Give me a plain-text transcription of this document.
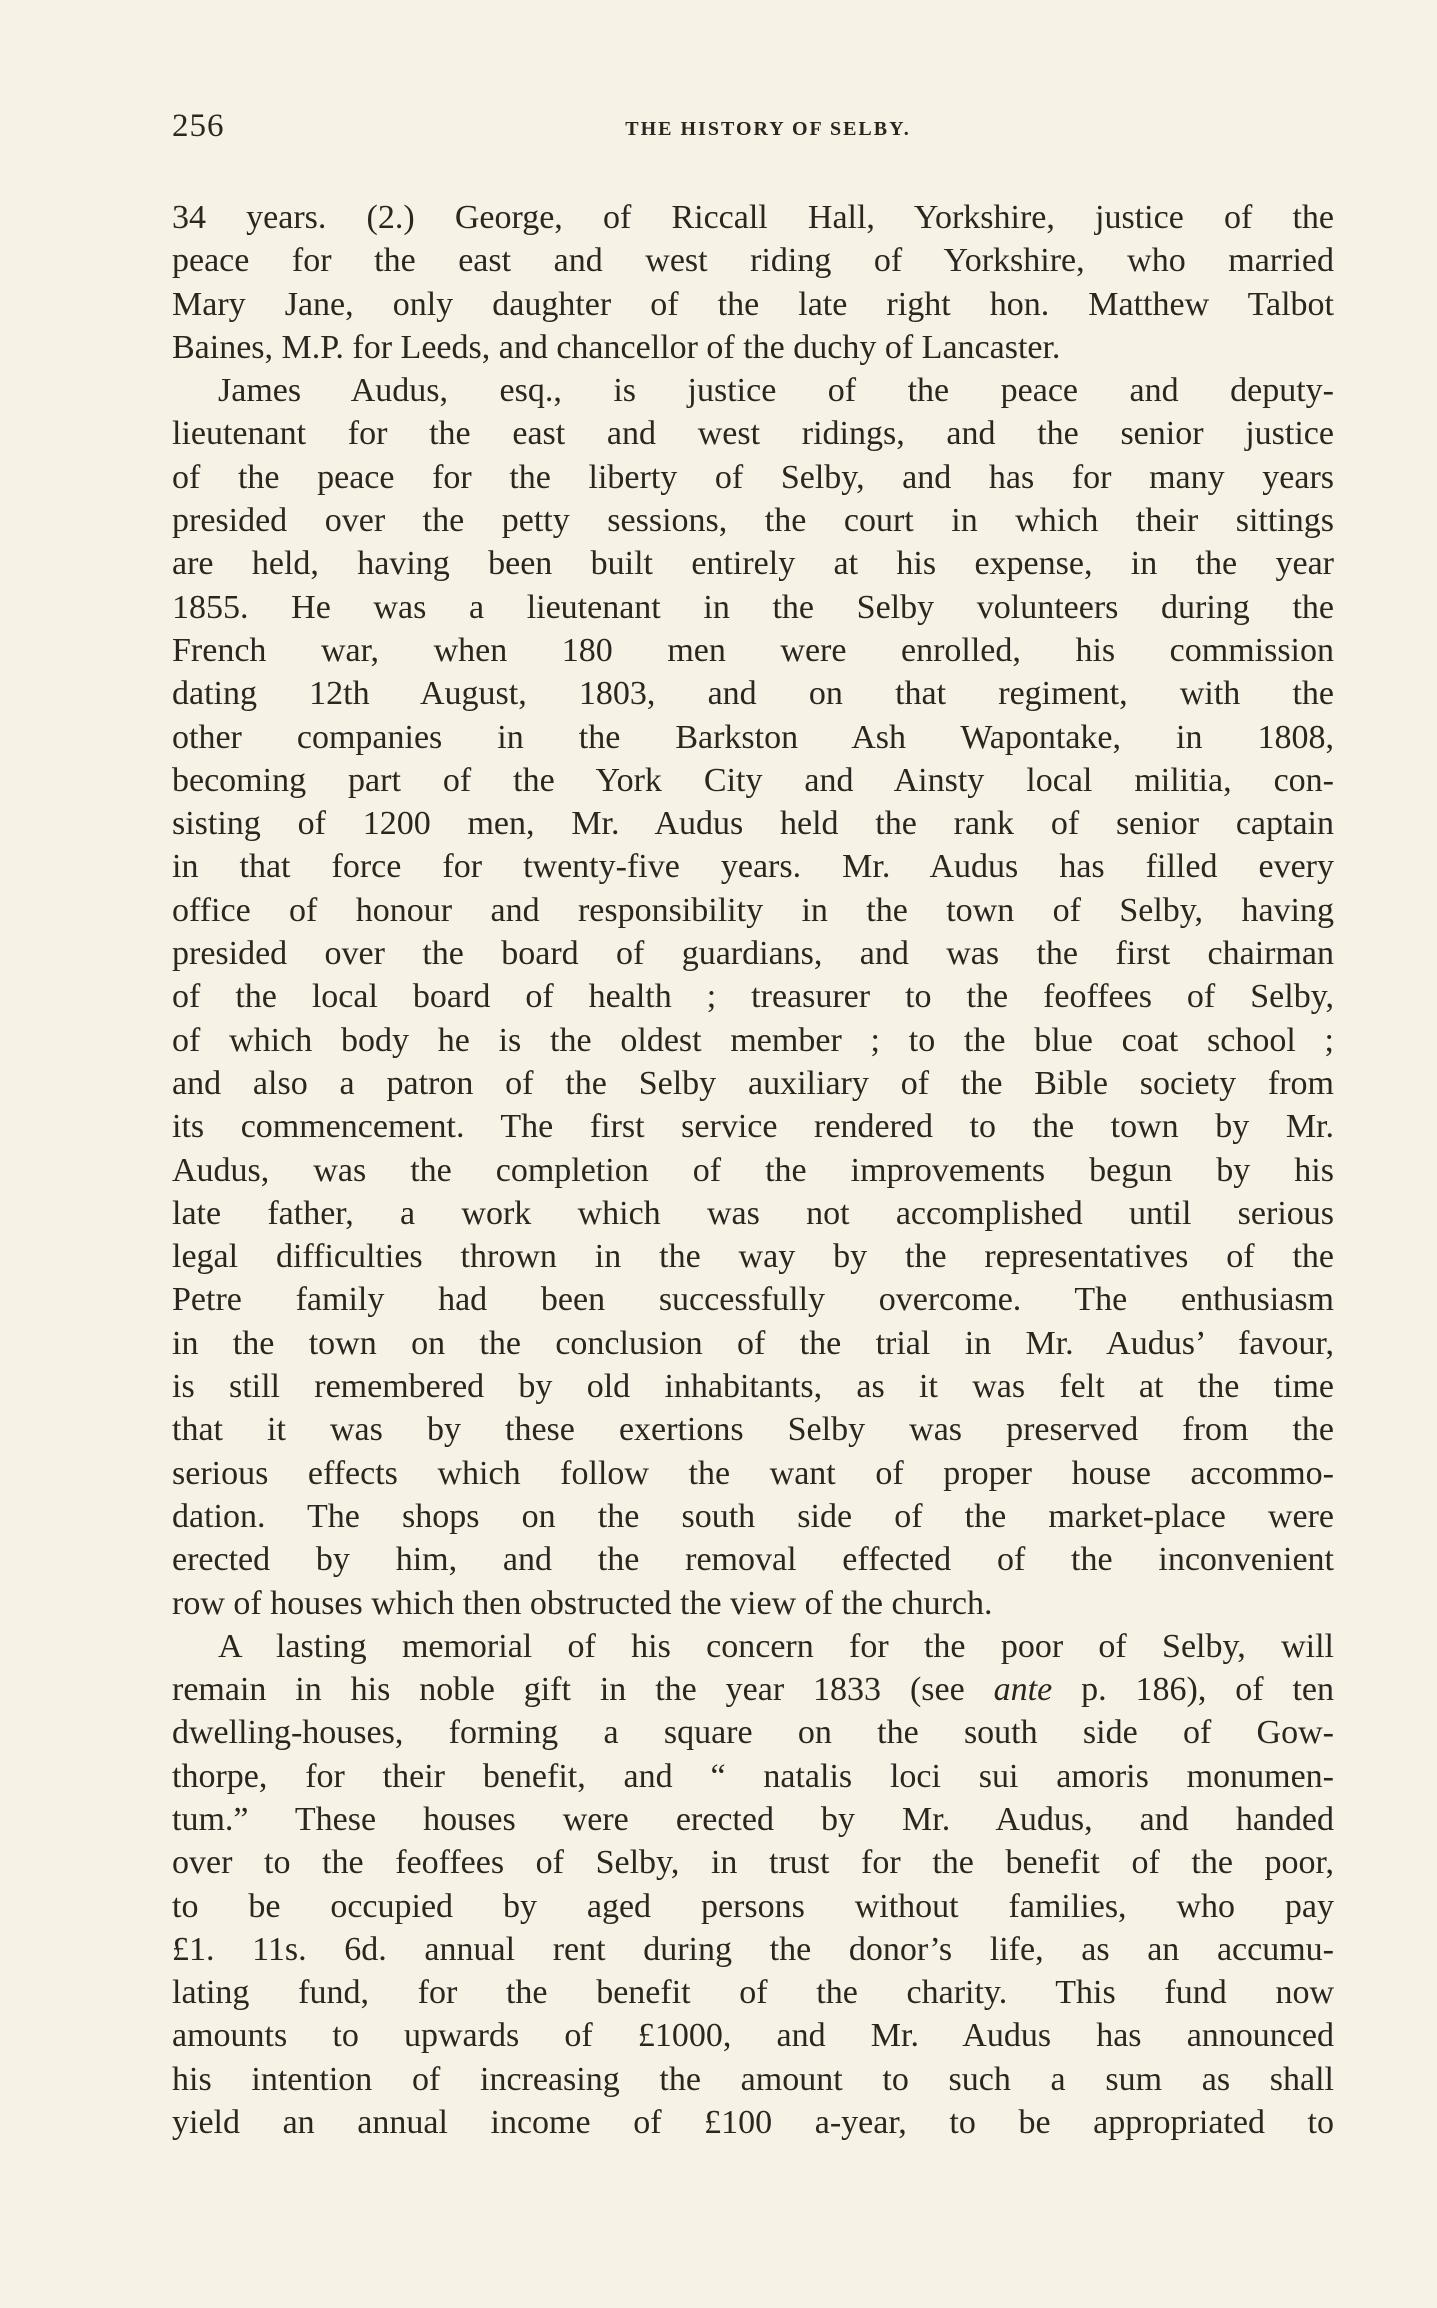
256	THE HISTORY OF SELBY.
34 years. (2.) George, of Riccall Hall, Yorkshire, justice of the
peace for the east and west riding of Yorkshire, who married
Mary Jane, only daughter of the late right hon. Matthew Talbot
Baines, M.P. for Leeds, and chancellor of the duchy of Lancaster.
James Audus, esq., is justice of the peace and deputy-
lieutenant for the east and west ridings, and the senior justice
of the peace for the liberty of Selby, and has for many years
presided over the petty sessions, the court in which their sittings
are held, having been built entirely at his expense, in the year
1855. He was a lieutenant in the Selby volunteers during the
French war, when 180 men were enrolled, his commission
dating 12th August, 1803, and on that regiment, with the
other companies in the Barkston Ash Wapontake, in 1808,
becoming part of the York City and Ainsty local militia, con-
sisting of 1200 men, Mr. Audus held the rank of senior captain
in that force for twenty-five years. Mr. Audus has filled every
office of honour and responsibility in the town of Selby, having
presided over the board of guardians, and was the first chairman
of the local board of health ; treasurer to the feoffees of Selby,
of which body he is the oldest member ; to the blue coat school ;
and also a patron of the Selby auxiliary of the Bible society from
its commencement. The first service rendered to the town by Mr.
Audus, was the completion of the improvements begun by his
late father, a work which was not accomplished until serious
legal difficulties thrown in the way by the representatives of the
Petre family had been successfully overcome. The enthusiasm
in the town on the conclusion of the trial in Mr. Audus’ favour,
is still remembered by old inhabitants, as it was felt at the time
that it was by these exertions Selby was preserved from the
serious effects which follow the want of proper house accommo-
dation. The shops on the south side of the market-place were
erected by him, and the removal effected of the inconvenient
row of houses which then obstructed the view of the church.
A lasting memorial of his concern for the poor of Selby, will
remain in his noble gift in the year 1833 (see ante p. 186), of ten
dwelling-houses, forming a square on the south side of Gow-
thorpe, for their benefit, and “ natalis loci sui amoris monumen-
tum.” These houses were erected by Mr. Audus, and handed
over to the feoffees of Selby, in trust for the benefit of the poor,
to be occupied by aged persons without families, who pay
£1. 11s. 6d. annual rent during the donor’s life, as an accumu-
lating fund, for the benefit of the charity. This fund now
amounts to upwards of £1000, and Mr. Audus has announced
his intention of increasing the amount to such a sum as shall
yield an annual income of £100 a-year, to be appropriated to
